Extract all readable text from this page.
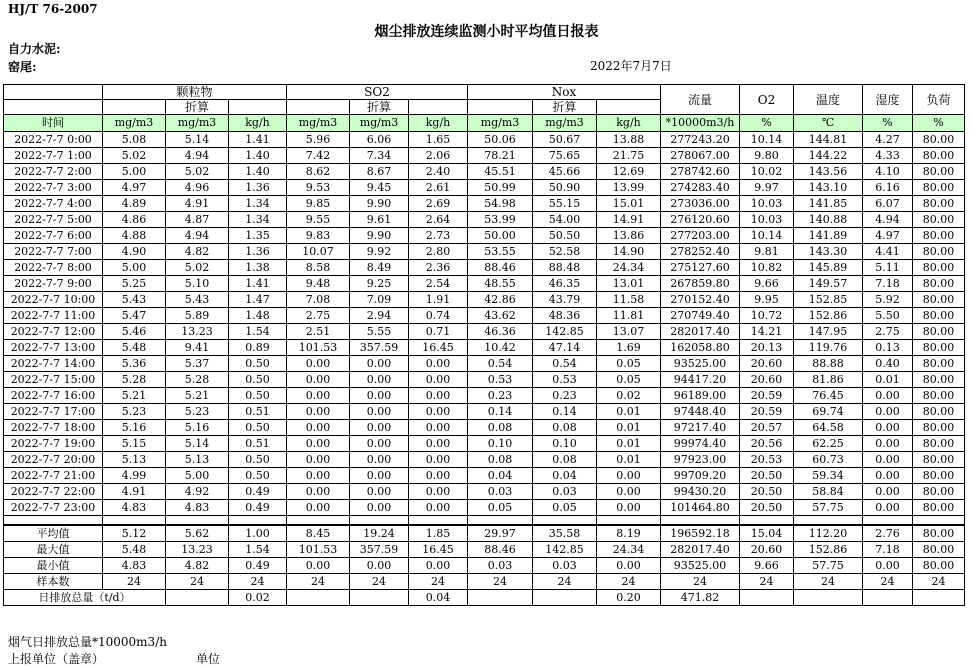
HJ/T 76-2007
烟尘排放连续监测小时平均值日报表
自力水泥:
窑尾:	2022年7月7日
	颗粒物			SO2			Nox			流量	O2	温度	湿度	负荷
		折算			折算			折算						
时间	mg/m3	mg/m3	kg/h	mg/m3	mg/m3	kg/h	mg/m3	mg/m3	kg/h	*10000m3/h	%	℃	%	%
2022-7-7 0:00	5.08	5.14	1.41	5.96	6.06	1.65	50.06	50.67	13.88	277243.20	10.14	144.81	4.27	80.00
2022-7-7 1:00	5.02	4.94	1.40	7.42	7.34	2.06	78.21	75.65	21.75	278067.00	9.80	144.22	4.33	80.00
2022-7-7 2:00	5.00	5.02	1.40	8.62	8.67	2.40	45.51	45.66	12.69	278742.60	10.02	143.56	4.10	80.00
2022-7-7 3:00	4.97	4.96	1.36	9.53	9.45	2.61	50.99	50.90	13.99	274283.40	9.97	143.10	6.16	80.00
2022-7-7 4:00	4.89	4.91	1.34	9.85	9.90	2.69	54.98	55.15	15.01	273036.00	10.03	141.85	6.07	80.00
2022-7-7 5:00	4.86	4.87	1.34	9.55	9.61	2.64	53.99	54.00	14.91	276120.60	10.03	140.88	4.94	80.00
2022-7-7 6:00	4.88	4.94	1.35	9.83	9.90	2.73	50.00	50.50	13.86	277203.00	10.14	141.89	4.97	80.00
2022-7-7 7:00	4.90	4.82	1.36	10.07	9.92	2.80	53.55	52.58	14.90	278252.40	9.81	143.30	4.41	80.00
2022-7-7 8:00	5.00	5.02	1.38	8.58	8.49	2.36	88.46	88.48	24.34	275127.60	10.82	145.89	5.11	80.00
2022-7-7 9:00	5.25	5.10	1.41	9.48	9.25	2.54	48.55	46.35	13.01	267859.80	9.66	149.57	7.18	80.00
2022-7-7 10:00	5.43	5.43	1.47	7.08	7.09	1.91	42.86	43.79	11.58	270152.40	9.95	152.85	5.92	80.00
2022-7-7 11:00	5.47	5.89	1.48	2.75	2.94	0.74	43.62	48.36	11.81	270749.40	10.72	152.86	5.50	80.00
2022-7-7 12:00	5.46	13.23	1.54	2.51	5.55	0.71	46.36	142.85	13.07	282017.40	14.21	147.95	2.75	80.00
2022-7-7 13:00	5.48	9.41	0.89	101.53	357.59	16.45	10.42	47.14	1.69	162058.80	20.13	119.76	0.13	80.00
2022-7-7 14:00	5.36	5.37	0.50	0.00	0.00	0.00	0.54	0.54	0.05	93525.00	20.60	88.88	0.40	80.00
2022-7-7 15:00	5.28	5.28	0.50	0.00	0.00	0.00	0.53	0.53	0.05	94417.20	20.60	81.86	0.01	80.00
2022-7-7 16:00	5.21	5.21	0.50	0.00	0.00	0.00	0.23	0.23	0.02	96189.00	20.59	76.45	0.00	80.00
2022-7-7 17:00	5.23	5.23	0.51	0.00	0.00	0.00	0.14	0.14	0.01	97448.40	20.59	69.74	0.00	80.00
2022-7-7 18:00	5.16	5.16	0.50	0.00	0.00	0.00	0.08	0.08	0.01	97217.40	20.57	64.58	0.00	80.00
2022-7-7 19:00	5.15	5.14	0.51	0.00	0.00	0.00	0.10	0.10	0.01	99974.40	20.56	62.25	0.00	80.00
2022-7-7 20:00	5.13	5.13	0.50	0.00	0.00	0.00	0.08	0.08	0.01	97923.00	20.53	60.73	0.00	80.00
2022-7-7 21:00	4.99	5.00	0.50	0.00	0.00	0.00	0.04	0.04	0.00	99709.20	20.50	59.34	0.00	80.00
2022-7-7 22:00	4.91	4.92	0.49	0.00	0.00	0.00	0.03	0.03	0.00	99430.20	20.50	58.84	0.00	80.00
2022-7-7 23:00	4.83	4.83	0.49	0.00	0.00	0.00	0.05	0.05	0.00	101464.80	20.50	57.75	0.00	80.00

平均值	5.12	5.62	1.00	8.45	19.24	1.85	29.97	35.58	8.19	196592.18	15.04	112.20	2.76	80.00
最大值	5.48	13.23	1.54	101.53	357.59	16.45	88.46	142.85	24.34	282017.40	20.60	152.86	7.18	80.00
最小值	4.83	4.82	0.49	0.00	0.00	0.00	0.03	0.03	0.00	93525.00	9.66	57.75	0.00	80.00
样本数	24	24	24	24	24	24	24	24	24	24	24	24	24	24
日排放总量（t/d）			0.02			0.04			0.20	471.82				
烟气日排放总量*10000m3/h
上报单位（盖章）	单位
